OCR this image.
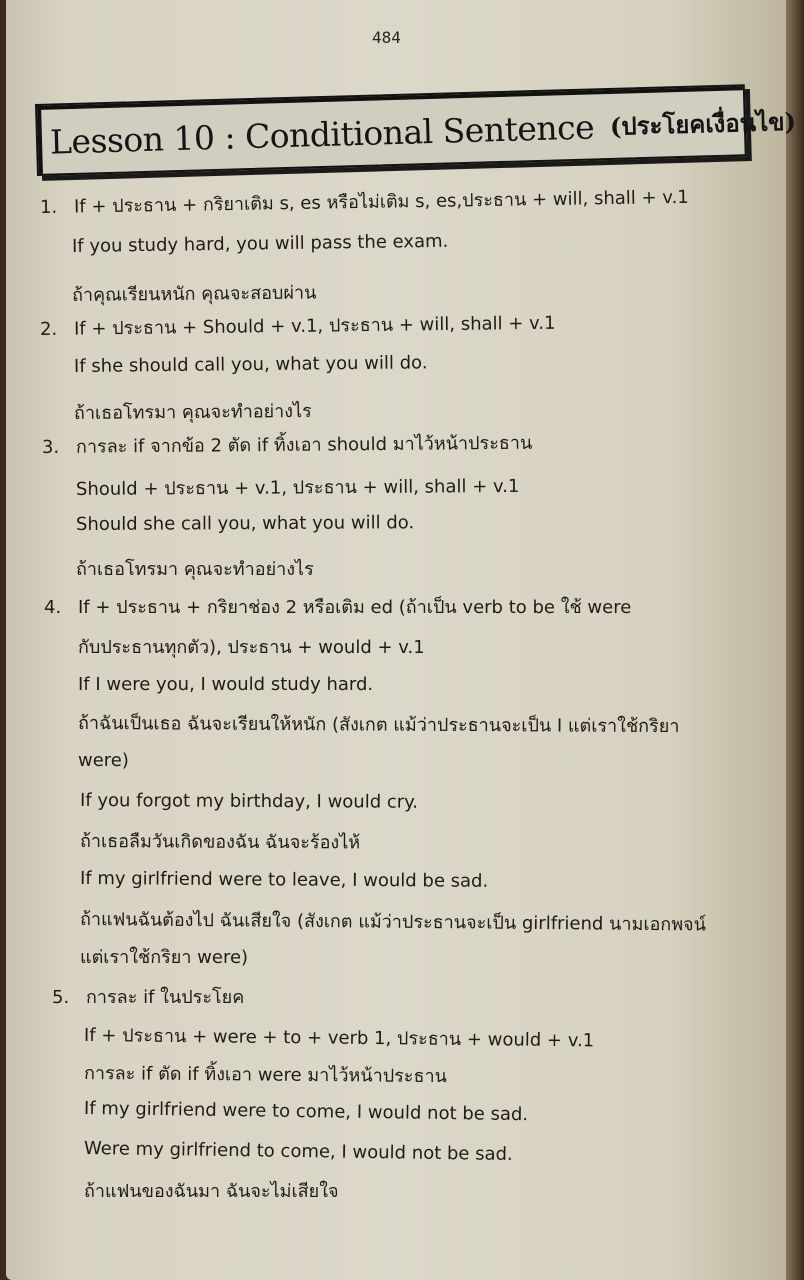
484
Lesson 10 : Conditional Sentence (ประโยคเงื่อนไข)
1. If + ประธาน + กริยาเติม s, es หรือไม่เติม s, es,ประธาน + will, shall + v.1
If you study hard, you will pass the exam.
ถ้าคุณเรียนหนัก คุณจะสอบผ่าน
2. If + ประธาน + Should + v.1, ประธาน + will, shall + v.1
If she should call you, what you will do.
ถ้าเธอโทรมา คุณจะทำอย่างไร
3. การละ if จากข้อ 2 ตัด if ทิ้งเอา should มาไว้หน้าประธาน
Should + ประธาน + v.1, ประธาน + will, shall + v.1
Should she call you, what you will do.
ถ้าเธอโทรมา คุณจะทำอย่างไร
4. If + ประธาน + กริยาช่อง 2 หรือเติม ed (ถ้าเป็น verb to be ใช้ were
กับประธานทุกตัว), ประธาน + would + v.1
If I were you, I would study hard.
ถ้าฉันเป็นเธอ ฉันจะเรียนให้หนัก (สังเกต แม้ว่าประธานจะเป็น I แต่เราใช้กริยา
were)
If you forgot my birthday, I would cry.
ถ้าเธอลืมวันเกิดของฉัน ฉันจะร้องไห้
If my girlfriend were to leave, I would be sad.
ถ้าแฟนฉันต้องไป ฉันเสียใจ (สังเกต แม้ว่าประธานจะเป็น girlfriend นามเอกพจน์
แต่เราใช้กริยา were)
5. การละ if ในประโยค
If + ประธาน + were + to + verb 1, ประธาน + would + v.1
การละ if ตัด if ทิ้งเอา were มาไว้หน้าประธาน
If my girlfriend were to come, I would not be sad.
Were my girlfriend to come, I would not be sad.
ถ้าแฟนของฉันมา ฉันจะไม่เสียใจ
